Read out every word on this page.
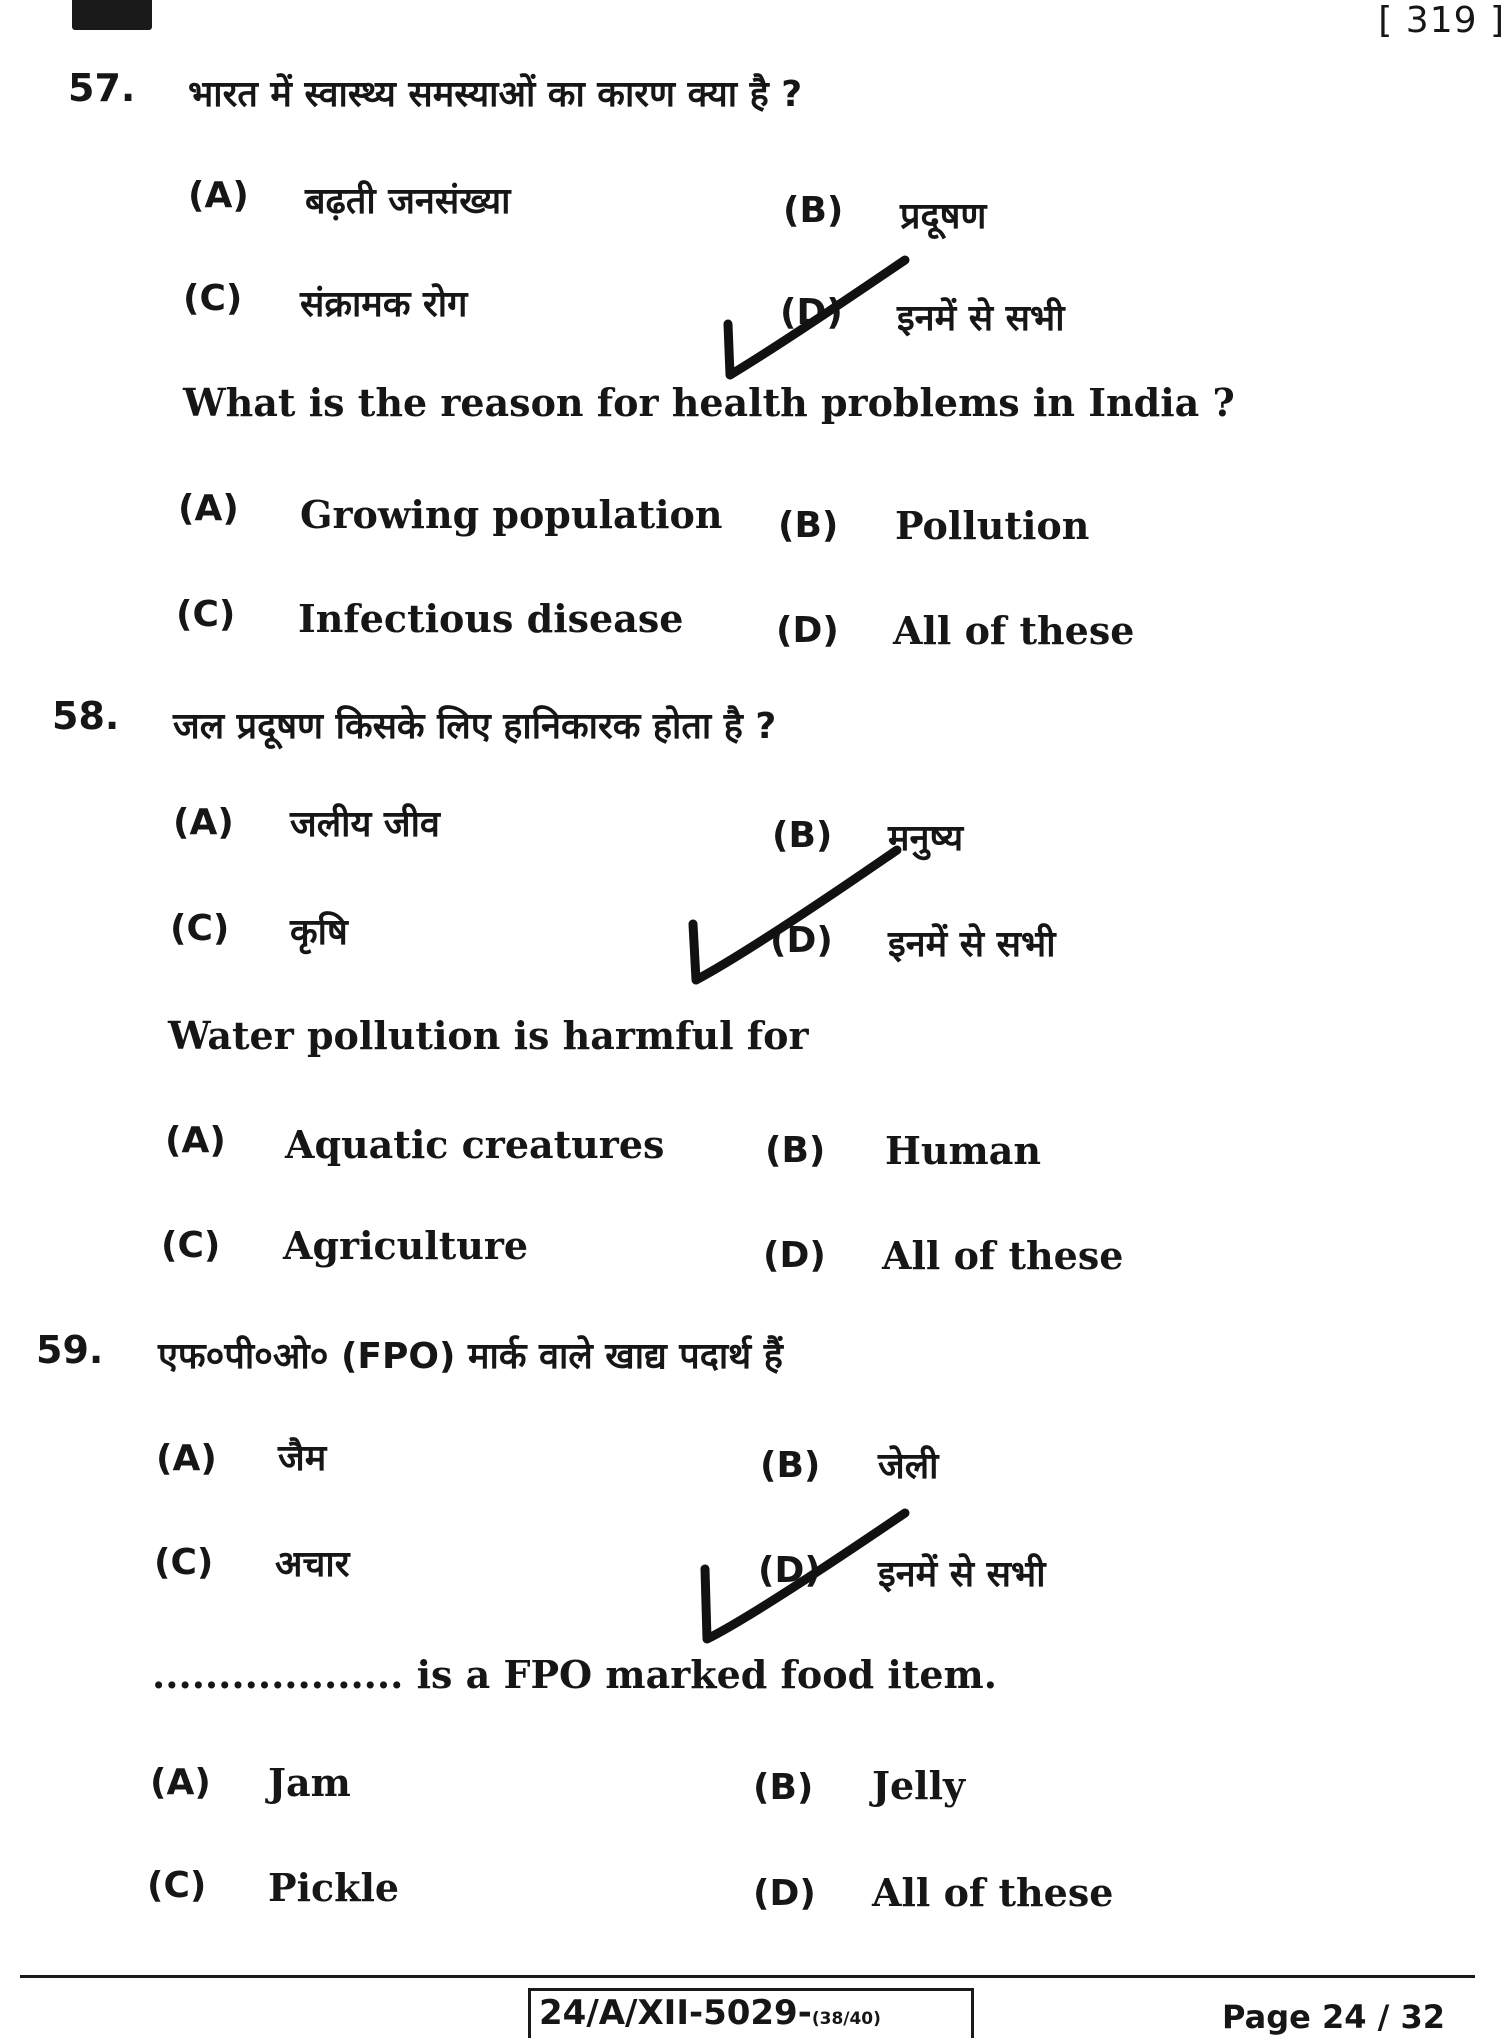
[ 319 ]
57. भारत में स्वास्थ्य समस्याओं का कारण क्या है ?
(A) बढ़ती जनसंख्या	(B) प्रदूषण
(C) संक्रामक रोग	(D) इनमें से सभी
What is the reason for health problems in India ?
(A) Growing population (B) Pollution
(C) Infectious disease	(D) All of these
58. जल प्रदूषण किसके लिए हानिकारक होता है ?
(A) जलीय जीव	(B) मनुष्य
(C) कृषि	(D) इनमें से सभी
Water pollution is harmful for
(A) Aquatic creatures	(B) Human
(C) Agriculture	(D) All of these
59. एफ०पी०ओ० (FPO) मार्क वाले खाद्य पदार्थ हैं
(A) जैम	(B) जेली
(C) अचार	(D) इनमें से सभी
................... is a FPO marked food item.
(A) Jam	(B) Jelly
(C) Pickle	(D) All of these
24/A/XII-5029-(38/40)	Page 24 / 32
